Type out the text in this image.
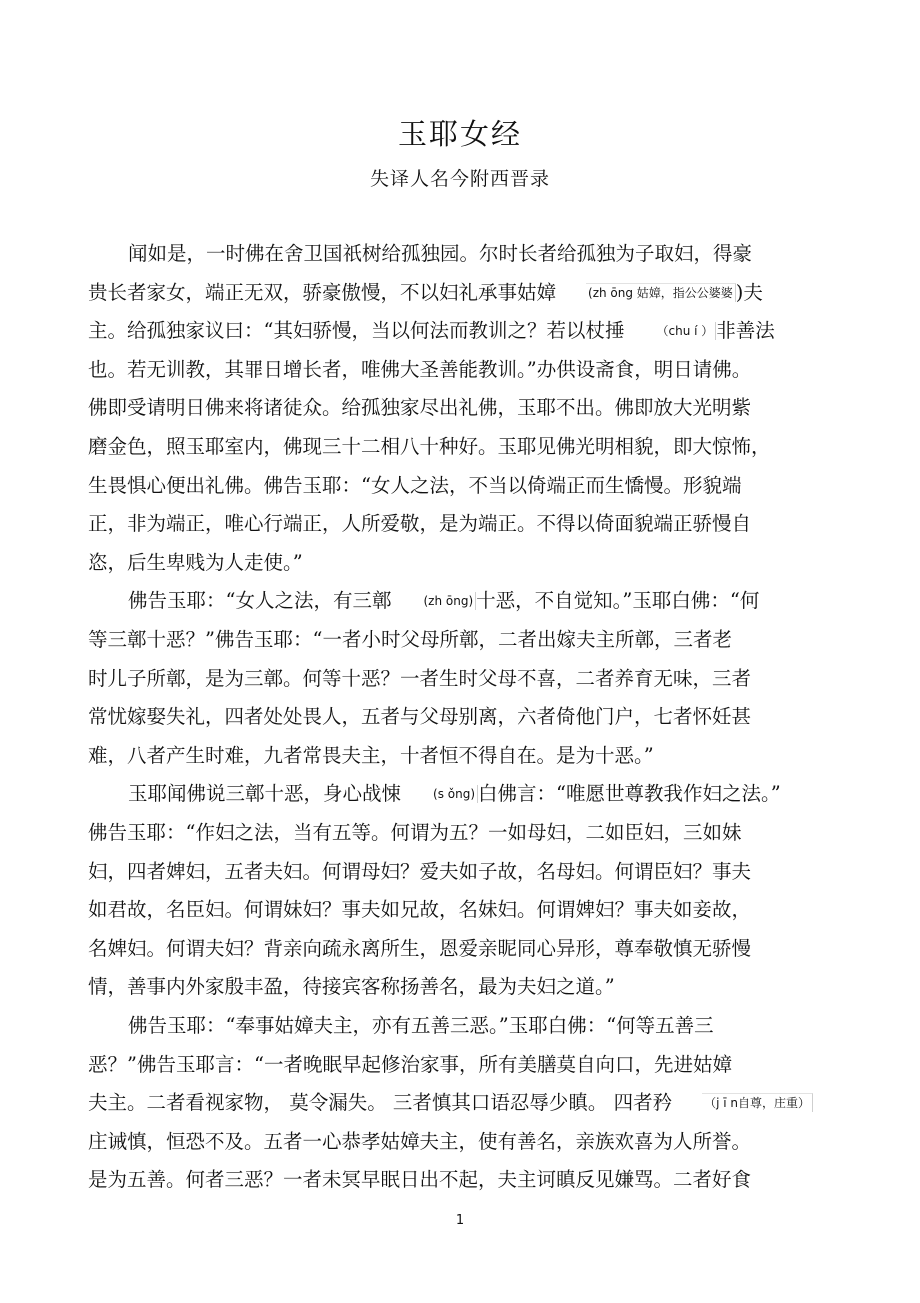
玉耶女经
失译人名今附西晋录
闻如是，一时佛在舍卫国祇树给孤独园。尔时长者给孤独为子取妇，得豪
贵长者家女，端正无双，骄豪傲慢，不以妇礼承事姑嫜	(zh ōng 姑嫜，指公公婆婆 )夫
主。给孤独家议曰：“其妇骄慢，当以何法而教训之？若以杖捶	（chu í ） 非善法
也。若无训教，其罪日增长者，唯佛大圣善能教训。”办供设斋食，明日请佛。
佛即受请明日佛来将诸徒众。给孤独家尽出礼佛，玉耶不出。佛即放大光明紫
磨金色，照玉耶室内，佛现三十二相八十种好。玉耶见佛光明相貌，即大惊怖，
生畏惧心便出礼佛。佛告玉耶：“女人之法，不当以倚端正而生憍慢。形貌端
正，非为端正，唯心行端正，人所爱敬，是为端正。不得以倚面貌端正骄慢自
恣，后生卑贱为人走使。”
佛告玉耶：“女人之法，有三鄣	(zh ōng) 十恶，不自觉知。”玉耶白佛：“何
等三鄣十恶？”佛告玉耶：“一者小时父母所鄣，二者出嫁夫主所鄣，三者老
时儿子所鄣，是为三鄣。何等十恶？一者生时父母不喜，二者养育无味，三者
常忧嫁娶失礼，四者处处畏人，五者与父母别离，六者倚他门户，七者怀妊甚
难，八者产生时难，九者常畏夫主，十者恒不得自在。是为十恶。”
玉耶闻佛说三鄣十恶，身心战悚	(s ǒng) 白佛言：“唯愿世尊教我作妇之法。”
佛告玉耶：“作妇之法，当有五等。何谓为五？一如母妇，二如臣妇，三如妹
妇，四者婢妇，五者夫妇。何谓母妇？爱夫如子故，名母妇。何谓臣妇？事夫
如君故，名臣妇。何谓妹妇？事夫如兄故，名妹妇。何谓婢妇？事夫如妾故，
名婢妇。何谓夫妇？背亲向疏永离所生，恩爱亲昵同心异形，尊奉敬慎无骄慢
情，善事内外家殷丰盈，待接宾客称扬善名，最为夫妇之道。”
佛告玉耶：“奉事姑嫜夫主，亦有五善三恶。”玉耶白佛：“何等五善三
恶？”佛告玉耶言：“一者晚眠早起修治家事，所有美膳莫自向口，先进姑嫜
夫主。二者看视家物， 莫令漏失。 三者慎其口语忍辱少瞋。 四者矜	（j ī n自尊，庄重）
庄诫慎，恒恐不及。五者一心恭孝姑嫜夫主，使有善名，亲族欢喜为人所誉。
是为五善。何者三恶？一者未冥早眠日出不起，夫主诃瞋反见嫌骂。二者好食
1
